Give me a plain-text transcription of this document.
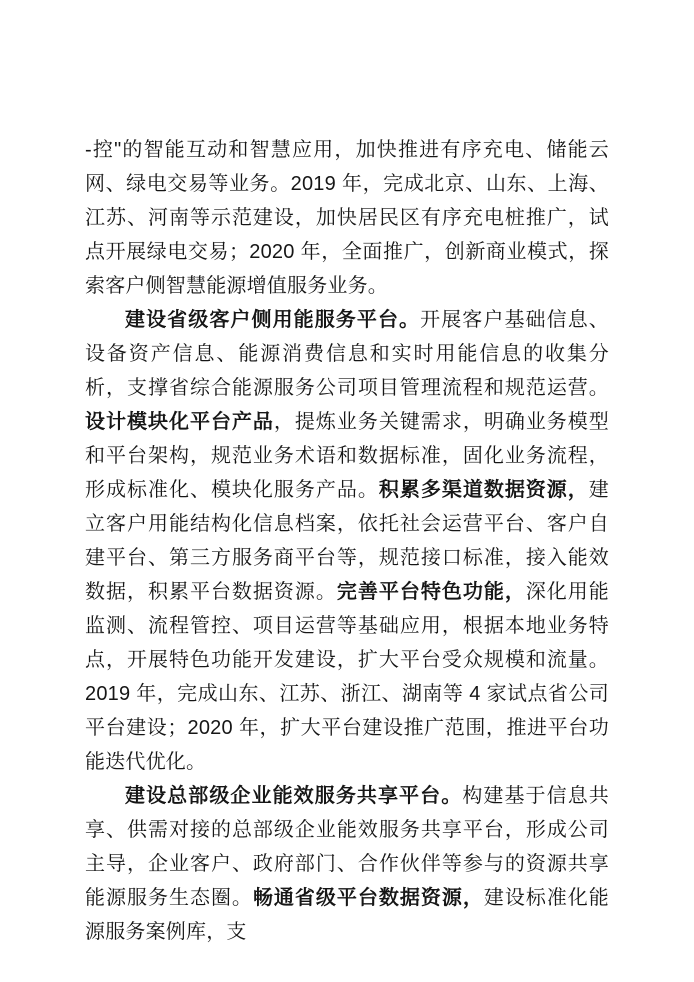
-控"的智能互动和智慧应用，加快推进有序充电、储能云网、绿电交易等业务。2019 年，完成北京、山东、上海、江苏、河南等示范建设，加快居民区有序充电桩推广，试点开展绿电交易；2020 年，全面推广，创新商业模式，探索客户侧智慧能源增值服务业务。

建设省级客户侧用能服务平台。开展客户基础信息、设备资产信息、能源消费信息和实时用能信息的收集分析，支撑省综合能源服务公司项目管理流程和规范运营。设计模块化平台产品，提炼业务关键需求，明确业务模型和平台架构，规范业务术语和数据标准，固化业务流程，形成标准化、模块化服务产品。积累多渠道数据资源，建立客户用能结构化信息档案，依托社会运营平台、客户自建平台、第三方服务商平台等，规范接口标准，接入能效数据，积累平台数据资源。完善平台特色功能，深化用能监测、流程管控、项目运营等基础应用，根据本地业务特点，开展特色功能开发建设，扩大平台受众规模和流量。2019 年，完成山东、江苏、浙江、湖南等 4 家试点省公司平台建设；2020 年，扩大平台建设推广范围，推进平台功能迭代优化。

建设总部级企业能效服务共享平台。构建基于信息共享、供需对接的总部级企业能效服务共享平台，形成公司主导，企业客户、政府部门、合作伙伴等参与的资源共享能源服务生态圈。畅通省级平台数据资源，建设标准化能源服务案例库，支
